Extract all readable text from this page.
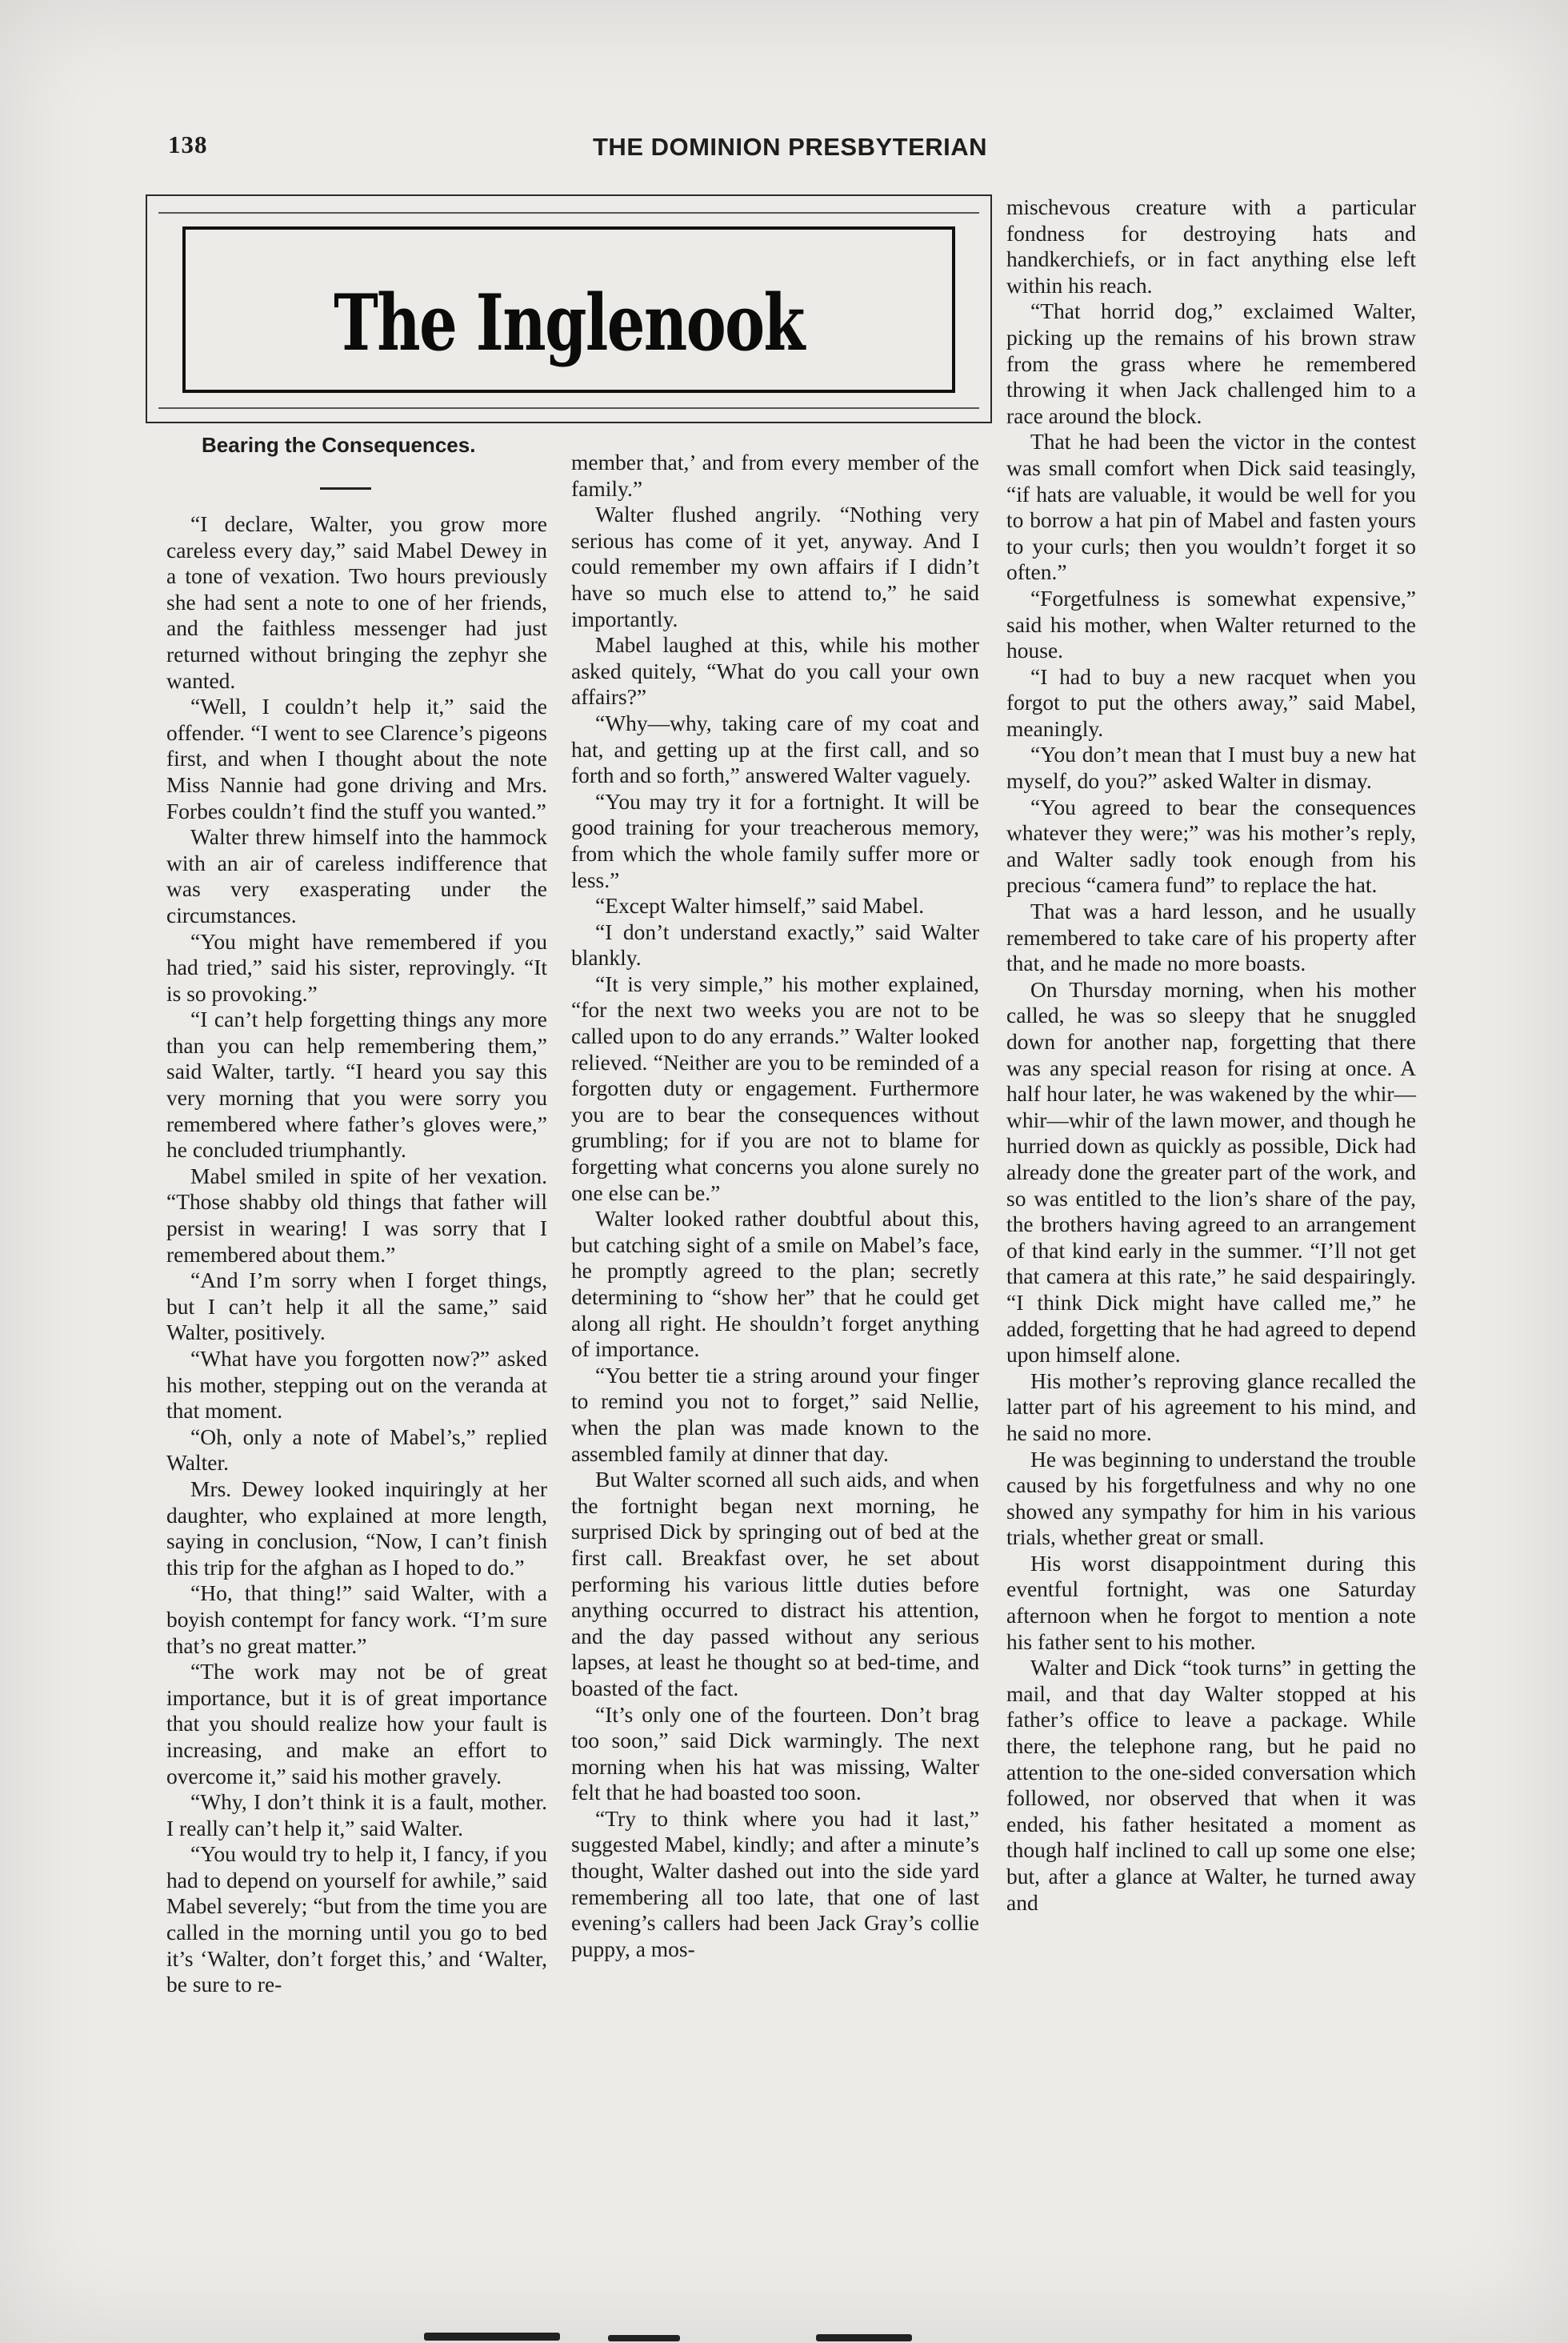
138	THE DOMINION PRESBYTERIAN
The Inglenook
Bearing the Consequences.

“I declare, Walter, you grow more careless every day,” said Mabel Dewey in a tone of vexation. Two hours previously she had sent a note to one of her friends, and the faithless messenger had just returned without bringing the zephyr she wanted.

“Well, I couldn’t help it,” said the offender. “I went to see Clarence’s pigeons first, and when I thought about the note Miss Nannie had gone driving and Mrs. Forbes couldn’t find the stuff you wanted.”

Walter threw himself into the hammock with an air of careless indifference that was very exasperating under the circumstances.

“You might have remembered if you had tried,” said his sister, reprovingly. “It is so provoking.”

“I can’t help forgetting things any more than you can help remembering them,” said Walter, tartly. “I heard you say this very morning that you were sorry you remembered where father’s gloves were,” he concluded triumphantly.

Mabel smiled in spite of her vexation. “Those shabby old things that father will persist in wearing! I was sorry that I remembered about them.”

“And I’m sorry when I forget things, but I can’t help it all the same,” said Walter, positively.

“What have you forgotten now?” asked his mother, stepping out on the veranda at that moment.

“Oh, only a note of Mabel’s,” replied Walter.

Mrs. Dewey looked inquiringly at her daughter, who explained at more length, saying in conclusion, “Now, I can’t finish this trip for the afghan as I hoped to do.”

“Ho, that thing!” said Walter, with a boyish contempt for fancy work. “I’m sure that’s no great matter.”

“The work may not be of great importance, but it is of great importance that you should realize how your fault is increasing, and make an effort to overcome it,” said his mother gravely.

“Why, I don’t think it is a fault, mother. I really can’t help it,” said Walter.

“You would try to help it, I fancy, if you had to depend on yourself for awhile,” said Mabel severely; “but from the time you are called in the morning until you go to bed it’s ‘Walter, don’t forget this,’ and ‘Walter, be sure to re-

member that,’ and from every member of the family.”

Walter flushed angrily. “Nothing very serious has come of it yet, anyway. And I could remember my own affairs if I didn’t have so much else to attend to,” he said importantly.

Mabel laughed at this, while his mother asked quitely, “What do you call your own affairs?”

“Why—why, taking care of my coat and hat, and getting up at the first call, and so forth and so forth,” answered Walter vaguely.

“You may try it for a fortnight. It will be good training for your treacherous memory, from which the whole family suffer more or less.”

“Except Walter himself,” said Mabel.

“I don’t understand exactly,” said Walter blankly.

“It is very simple,” his mother explained, “for the next two weeks you are not to be called upon to do any errands.” Walter looked relieved. “Neither are you to be reminded of a forgotten duty or engagement. Furthermore you are to bear the consequences without grumbling; for if you are not to blame for forgetting what concerns you alone surely no one else can be.”

Walter looked rather doubtful about this, but catching sight of a smile on Mabel’s face, he promptly agreed to the plan; secretly determining to “show her” that he could get along all right. He shouldn’t forget anything of importance.

“You better tie a string around your finger to remind you not to forget,” said Nellie, when the plan was made known to the assembled family at dinner that day.

But Walter scorned all such aids, and when the fortnight began next morning, he surprised Dick by springing out of bed at the first call. Breakfast over, he set about performing his various little duties before anything occurred to distract his attention, and the day passed without any serious lapses, at least he thought so at bed-time, and boasted of the fact.

“It’s only one of the fourteen. Don’t brag too soon,” said Dick warmingly. The next morning when his hat was missing, Walter felt that he had boasted too soon.

“Try to think where you had it last,” suggested Mabel, kindly; and after a minute’s thought, Walter dashed out into the side yard remembering all too late, that one of last evening’s callers had been Jack Gray’s collie puppy, a mos-

mischevous creature with a particular fondness for destroying hats and handkerchiefs, or in fact anything else left within his reach.

“That horrid dog,” exclaimed Walter, picking up the remains of his brown straw from the grass where he remembered throwing it when Jack challenged him to a race around the block.

That he had been the victor in the contest was small comfort when Dick said teasingly, “if hats are valuable, it would be well for you to borrow a hat pin of Mabel and fasten yours to your curls; then you wouldn’t forget it so often.”

“Forgetfulness is somewhat expensive,” said his mother, when Walter returned to the house.

“I had to buy a new racquet when you forgot to put the others away,” said Mabel, meaningly.

“You don’t mean that I must buy a new hat myself, do you?” asked Walter in dismay.

“You agreed to bear the consequences whatever they were;” was his mother’s reply, and Walter sadly took enough from his precious “camera fund” to replace the hat.

That was a hard lesson, and he usually remembered to take care of his property after that, and he made no more boasts.

On Thursday morning, when his mother called, he was so sleepy that he snuggled down for another nap, forgetting that there was any special reason for rising at once. A half hour later, he was wakened by the whir—whir—whir of the lawn mower, and though he hurried down as quickly as possible, Dick had already done the greater part of the work, and so was entitled to the lion’s share of the pay, the brothers having agreed to an arrangement of that kind early in the summer. “I’ll not get that camera at this rate,” he said despairingly. “I think Dick might have called me,” he added, forgetting that he had agreed to depend upon himself alone.

His mother’s reproving glance recalled the latter part of his agreement to his mind, and he said no more.

He was beginning to understand the trouble caused by his forgetfulness and why no one showed any sympathy for him in his various trials, whether great or small.

His worst disappointment during this eventful fortnight, was one Saturday afternoon when he forgot to mention a note his father sent to his mother.

Walter and Dick “took turns” in getting the mail, and that day Walter stopped at his father’s office to leave a package. While there, the telephone rang, but he paid no attention to the one-sided conversation which followed, nor observed that when it was ended, his father hesitated a moment as though half inclined to call up some one else; but, after a glance at Walter, he turned away and
